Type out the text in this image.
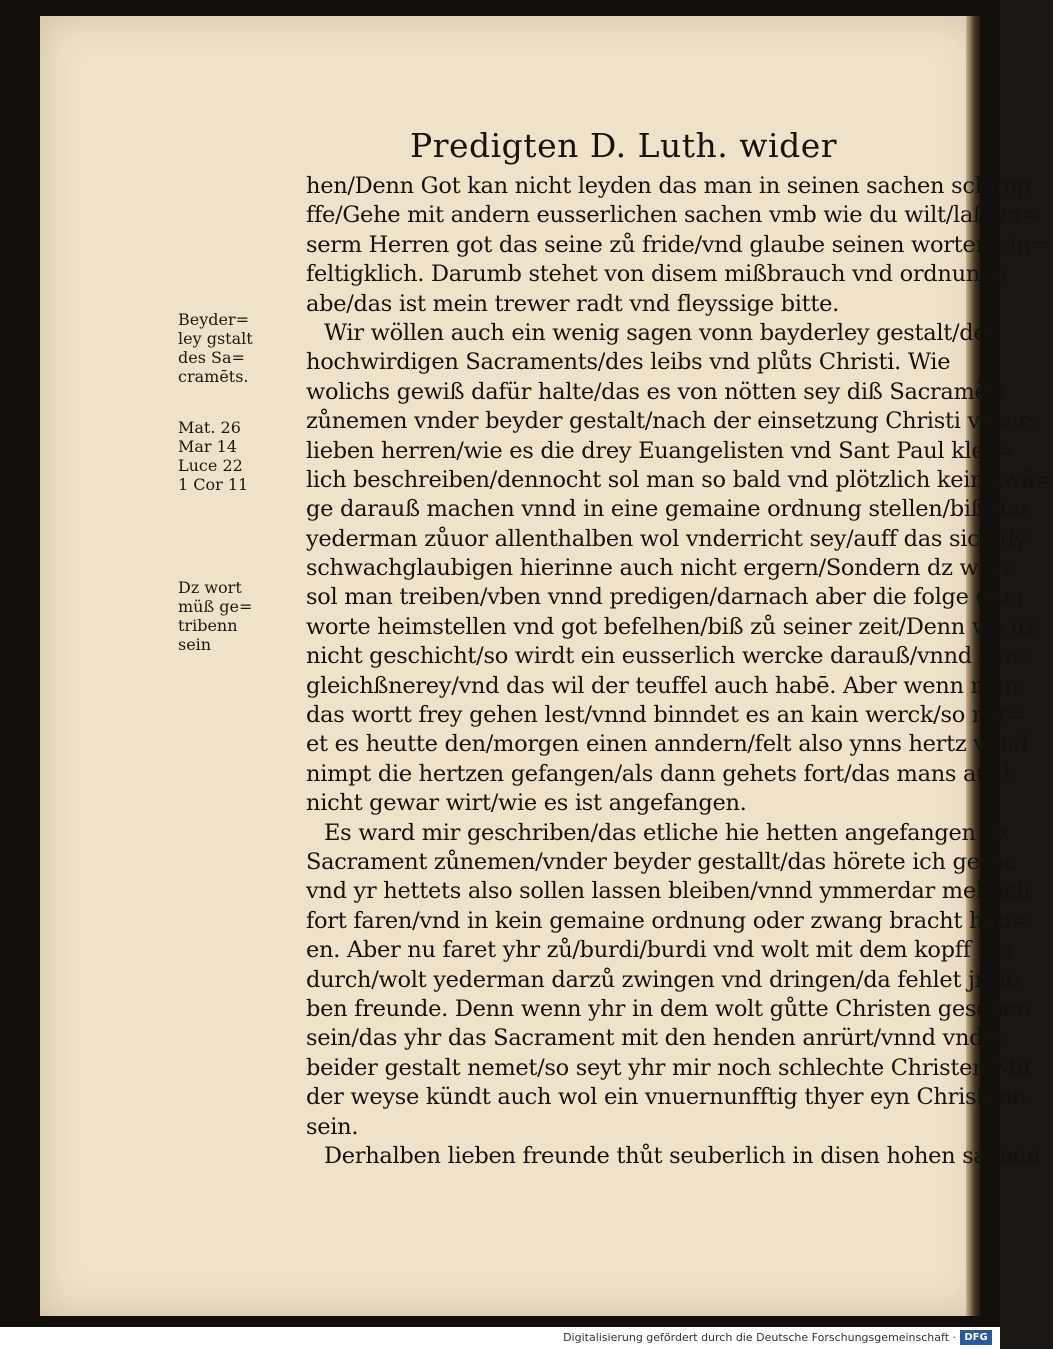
Predigten D. Luth. wider
Beyder=
ley gstalt
des Sa=
cramēts.
Mat. 26
Mar 14
Luce 22
1 Cor 11
Dz wort
müß ge=
tribenn
sein
hen/Denn Got kan nicht leyden das man in seinen sachen schimp
ffe/Gehe mit andern eusserlichen sachen vmb wie du wilt/laß vn=
serm Herren got das seine zů fride/vnd glaube seinen worten ein=
feltigklich. Darumb stehet von disem mißbrauch vnd ordnunge
abe/das ist mein trewer radt vnd fleyssige bitte.
Wir wöllen auch ein wenig sagen vonn bayderley gestalt/des
hochwirdigen Sacraments/des leibs vnd plůts Christi. Wie
wolichs gewiß dafür halte/das es von nötten sey diß Sacramētt
zůnemen vnder beyder gestalt/nach der einsetzung Christi vnsers
lieben herren/wie es die drey Euangelisten vnd Sant Paul kler=
lich beschreiben/dennocht sol man so bald vnd plötzlich kein zwā=
ge darauß machen vnnd in eine gemaine ordnung stellen/biß das
yederman zůuor allenthalben wol vnderricht sey/auff das sich dy
schwachglaubigen hierinne auch nicht ergern/Sondern dz wort
sol man treiben/vben vnnd predigen/darnach aber die folge dem
worte heimstellen vnd got befelhen/biß zů seiner zeit/Denn wo dz
nicht geschicht/so wirdt ein eusserlich wercke darauß/vnnd eyne
gleichßnerey/vnd das wil der teuffel auch habē. Aber wenn man
das wortt frey gehen lest/vnnd binndet es an kain werck/so rür=
et es heutte den/morgen einen anndern/felt also ynns hertz vnnd
nimpt die hertzen gefangen/als dann gehets fort/das mans auch
nicht gewar wirt/wie es ist angefangen.
Es ward mir geschriben/das etliche hie hetten angefangen dz
Sacrament zůnemen/vnder beyder gestallt/das hörete ich gerne
vnd yr hettets also sollen lassen bleiben/vnnd ymmerdar mehlich
fort faren/vnd in kein gemaine ordnung oder zwang bracht hab=
en. Aber nu faret yhr zů/burdi/burdi vnd wolt mit dem kopff hin
durch/wolt yederman darzů zwingen vnd dringen/da fehlet jr lie
ben freunde. Denn wenn yhr in dem wolt gůtte Christen gesehen
sein/das yhr das Sacrament mit den henden anrürt/vnnd vnder
beider gestalt nemet/so seyt yhr mir noch schlechte Christen/Mit
der weyse kündt auch wol ein vnuernunfftig thyer eyn Christenn
sein.
Derhalben lieben freunde thůt seuberlich in disen hohen sachen
Digitalisierung gefördert durch die Deutsche Forschungsgemeinschaft · DFG
